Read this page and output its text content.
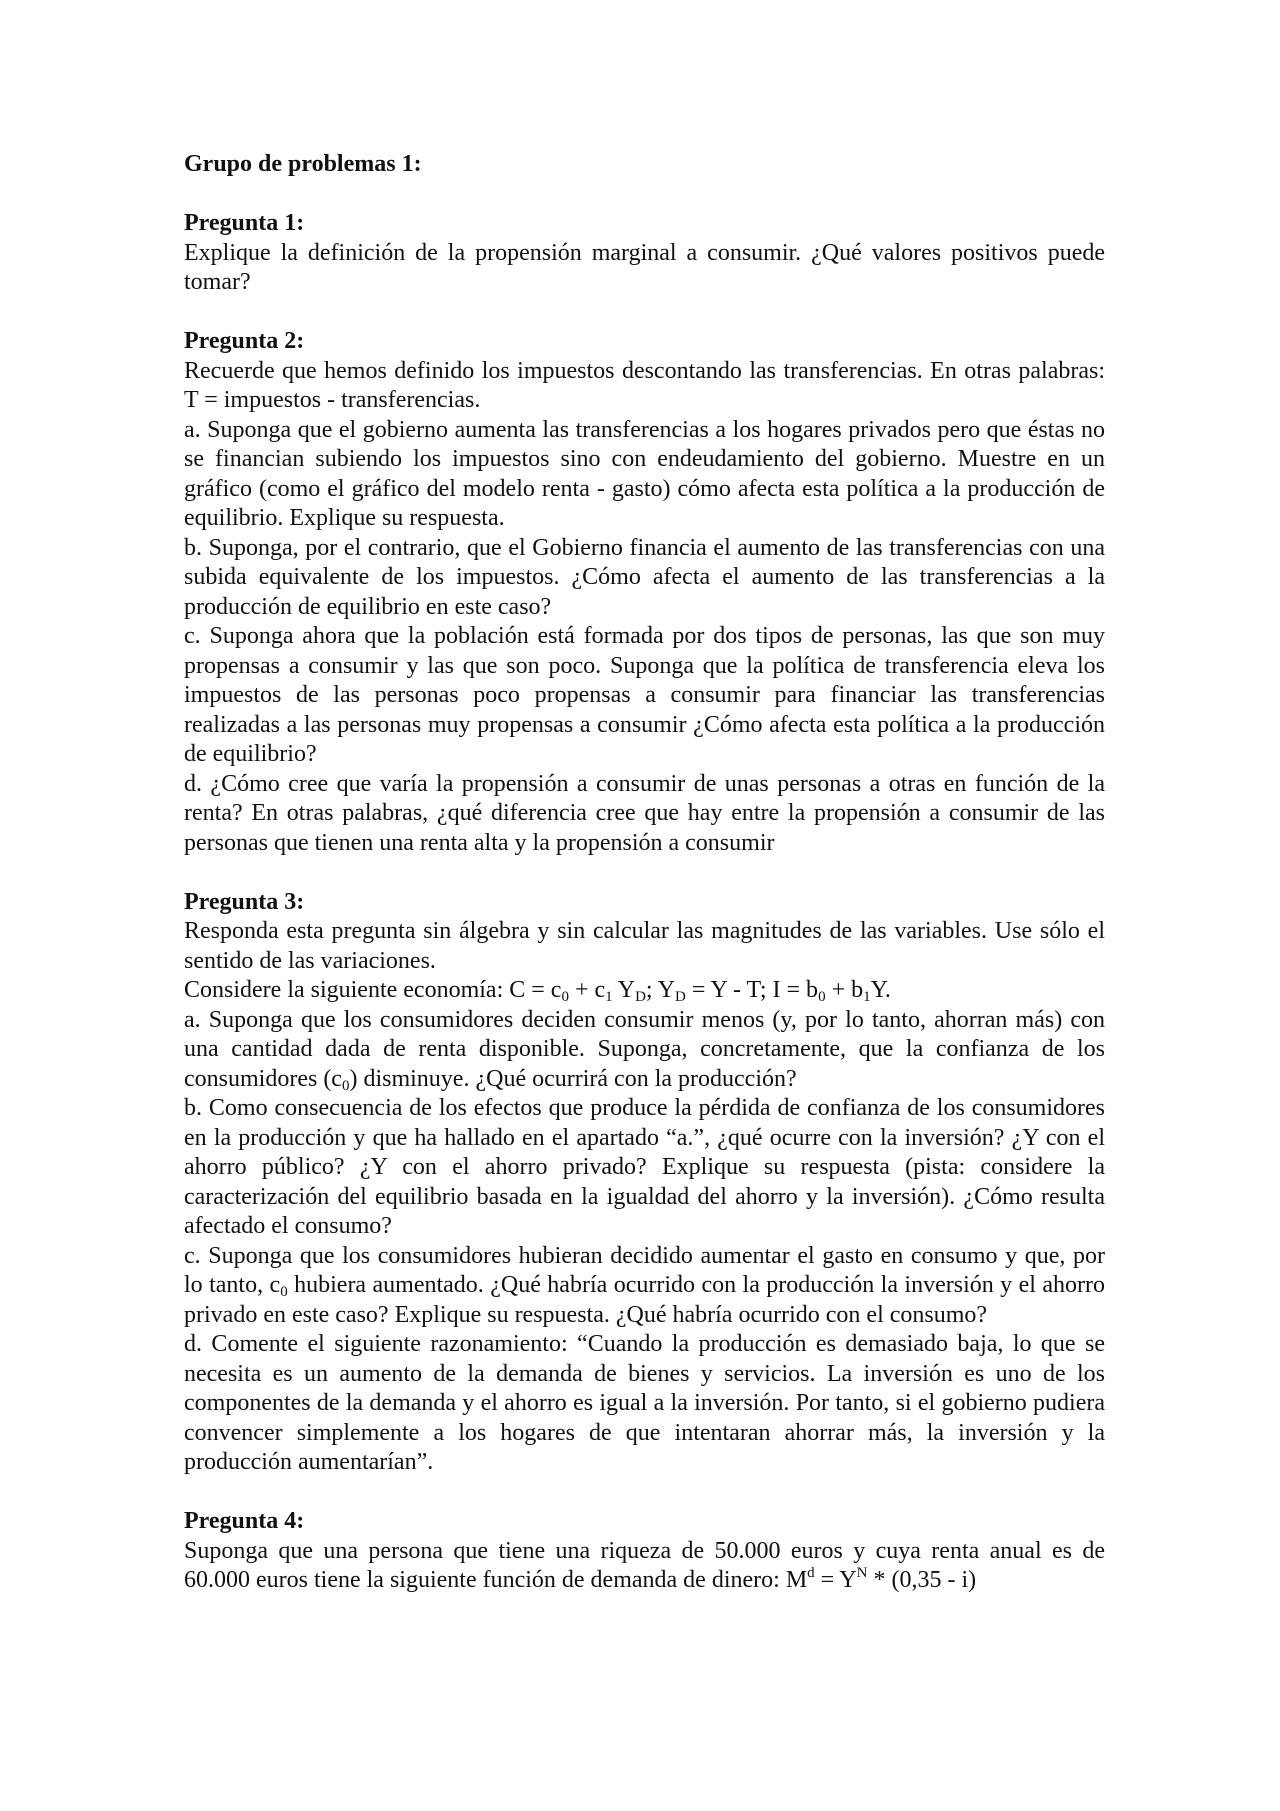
Grupo de problemas 1:
Pregunta 1:

Explique la definición de la propensión marginal a consumir. ¿Qué valores positivos puede tomar?

Pregunta 2:

Recuerde que hemos definido los impuestos descontando las transferencias. En otras palabras: T = impuestos - transferencias.

a. Suponga que el gobierno aumenta las transferencias a los hogares privados pero que éstas no se financian subiendo los impuestos sino con endeudamiento del gobierno. Muestre en un gráfico (como el gráfico del modelo renta - gasto) cómo afecta esta política a la producción de equilibrio. Explique su respuesta.

b. Suponga, por el contrario, que el Gobierno financia el aumento de las transferencias con una subida equivalente de los impuestos. ¿Cómo afecta el aumento de las transferencias a la producción de equilibrio en este caso?

c. Suponga ahora que la población está formada por dos tipos de personas, las que son muy propensas a consumir y las que son poco. Suponga que la política de transferencia eleva los impuestos de las personas poco propensas a consumir para financiar las transferencias realizadas a las personas muy propensas a consumir ¿Cómo afecta esta política a la producción de equilibrio?

d. ¿Cómo cree que varía la propensión a consumir de unas personas a otras en función de la renta? En otras palabras, ¿qué diferencia cree que hay entre la propensión a consumir de las personas que tienen una renta alta y la propensión a consumir

Pregunta 3:

Responda esta pregunta sin álgebra y sin calcular las magnitudes de las variables. Use sólo el sentido de las variaciones.

Considere la siguiente economía: $C = c_0 + c_1$ $Y_D$; $Y_D = Y - T$; $I = b_0 + b_1Y$.

a. Suponga que los consumidores deciden consumir menos (y, por lo tanto, ahorran más) con una cantidad dada de renta disponible. Suponga, concretamente, que la confianza de los consumidores $(c_0)$ disminuye. ¿Qué ocurrirá con la producción?

b. Como consecuencia de los efectos que produce la pérdida de confianza de los consumidores en la producción y que ha hallado en el apartado “a.”, ¿qué ocurre con la inversión? ¿Y con el ahorro público? ¿Y con el ahorro privado? Explique su respuesta (pista: considere la caracterización del equilibrio basada en la igualdad del ahorro y la inversión). ¿Cómo resulta afectado el consumo?

c. Suponga que los consumidores hubieran decidido aumentar el gasto en consumo y que, por lo tanto, $c_0$ hubiera aumentado. ¿Qué habría ocurrido con la producción la inversión y el ahorro privado en este caso? Explique su respuesta. ¿Qué habría ocurrido con el consumo?

d. Comente el siguiente razonamiento: “Cuando la producción es demasiado baja, lo que se necesita es un aumento de la demanda de bienes y servicios. La inversión es uno de los componentes de la demanda y el ahorro es igual a la inversión. Por tanto, si el gobierno pudiera convencer simplemente a los hogares de que intentaran ahorrar más, la inversión y la producción aumentarían”.

Pregunta 4:

Suponga que una persona que tiene una riqueza de 50.000 euros y cuya renta anual es de 60.000 euros tiene la siguiente función de demanda de dinero: $M^d = Y^N * (0,35 - i)$
